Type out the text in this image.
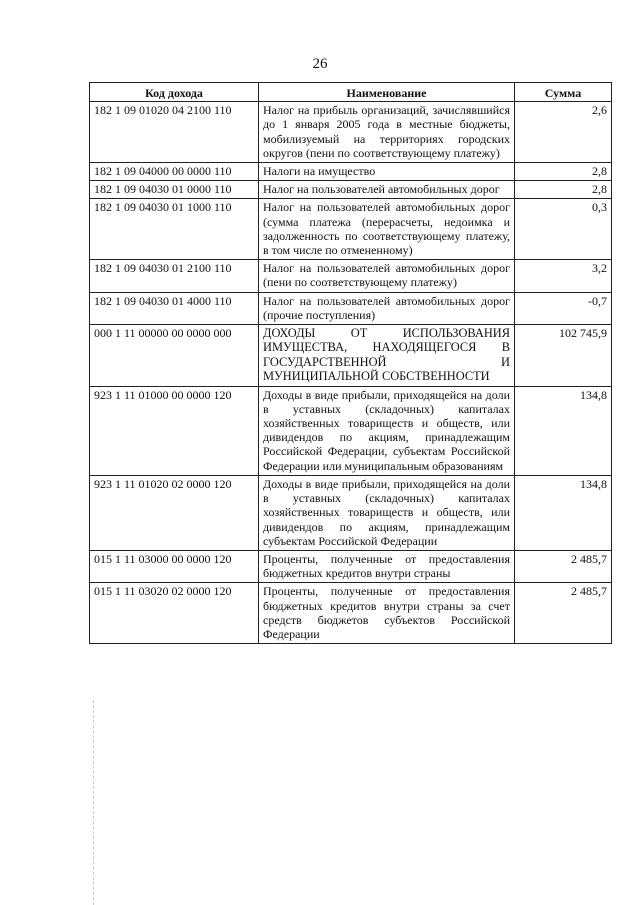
26
Код дохода	Наименование	Сумма
182 1 09 01020 04 2100 110	Налог на прибыль организаций, зачислявшийся до 1 января 2005 года в местные бюджеты, мобилизуемый на территориях городских округов (пени по соответствующему платежу)	2,6
182 1 09 04000 00 0000 110	Налоги на имущество	2,8
182 1 09 04030 01 0000 110	Налог на пользователей автомобильных дорог	2,8
182 1 09 04030 01 1000 110	Налог на пользователей автомобильных дорог (сумма платежа (перерасчеты, недоимка и задолженность по соответствующему платежу, в том числе по отмененному)	0,3
182 1 09 04030 01 2100 110	Налог на пользователей автомобильных дорог (пени по соответствующему платежу)	3,2
182 1 09 04030 01 4000 110	Налог на пользователей автомобильных дорог (прочие поступления)	-0,7
000 1 11 00000 00 0000 000	ДОХОДЫ ОТ ИСПОЛЬЗОВАНИЯ ИМУЩЕСТВА, НАХОДЯЩЕГОСЯ В ГОСУДАРСТВЕННОЙ И МУНИЦИПАЛЬНОЙ СОБСТВЕННОСТИ	102 745,9
923 1 11 01000 00 0000 120	Доходы в виде прибыли, приходящейся на доли в уставных (складочных) капиталах хозяйственных товариществ и обществ, или дивидендов по акциям, принадлежащим Российской Федерации, субъектам Российской Федерации или муниципальным образованиям	134,8
923 1 11 01020 02 0000 120	Доходы в виде прибыли, приходящейся на доли в уставных (складочных) капиталах хозяйственных товариществ и обществ, или дивидендов по акциям, принадлежащим субъектам Российской Федерации	134,8
015 1 11 03000 00 0000 120	Проценты, полученные от предоставления бюджетных кредитов внутри страны	2 485,7
015 1 11 03020 02 0000 120	Проценты, полученные от предоставления бюджетных кредитов внутри страны за счет средств бюджетов субъектов Российской Федерации	2 485,7
